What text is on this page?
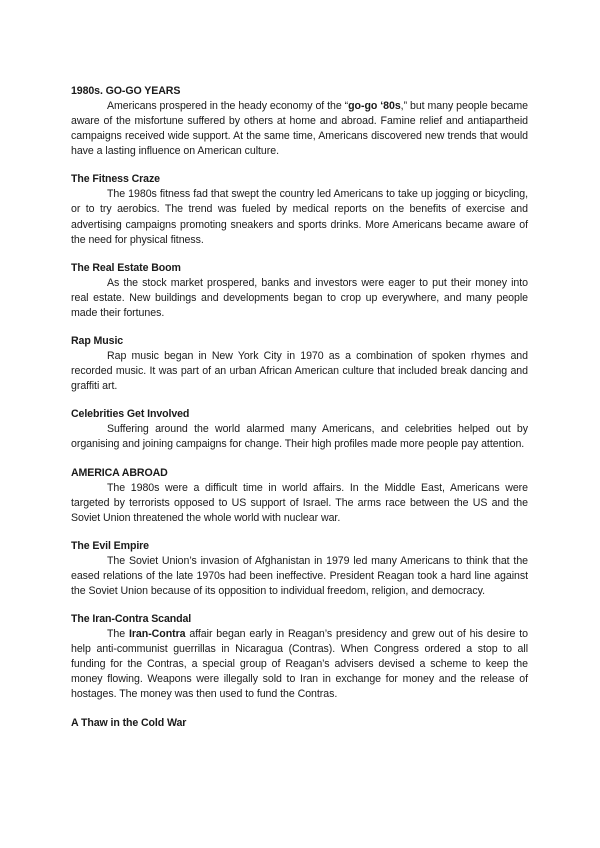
1980s. GO-GO YEARS

Americans prospered in the heady economy of the “go-go ‘80s,” but many people became aware of the misfortune suffered by others at home and abroad. Famine relief and antiapartheid campaigns received wide support. At the same time, Americans discovered new trends that would have a lasting influence on American culture.

The Fitness Craze

The 1980s fitness fad that swept the country led Americans to take up jogging or bicycling, or to try aerobics. The trend was fueled by medical reports on the benefits of exercise and advertising campaigns promoting sneakers and sports drinks. More Americans became aware of the need for physical fitness.

The Real Estate Boom

As the stock market prospered, banks and investors were eager to put their money into real estate. New buildings and developments began to crop up everywhere, and many people made their fortunes.

Rap Music

Rap music began in New York City in 1970 as a combination of spoken rhymes and recorded music. It was part of an urban African American culture that included break dancing and graffiti art.

Celebrities Get Involved

Suffering around the world alarmed many Americans, and celebrities helped out by organising and joining campaigns for change. Their high profiles made more people pay attention.

AMERICA ABROAD

The 1980s were a difficult time in world affairs. In the Middle East, Americans were targeted by terrorists opposed to US support of Israel. The arms race between the US and the Soviet Union threatened the whole world with nuclear war.

The Evil Empire

The Soviet Union’s invasion of Afghanistan in 1979 led many Americans to think that the eased relations of the late 1970s had been ineffective. President Reagan took a hard line against the Soviet Union because of its opposition to individual freedom, religion, and democracy.

The Iran-Contra Scandal

The Iran-Contra affair began early in Reagan’s presidency and grew out of his desire to help anti-communist guerrillas in Nicaragua (Contras). When Congress ordered a stop to all funding for the Contras, a special group of Reagan’s advisers devised a scheme to keep the money flowing. Weapons were illegally sold to Iran in exchange for money and the release of hostages. The money was then used to fund the Contras.

A Thaw in the Cold War
